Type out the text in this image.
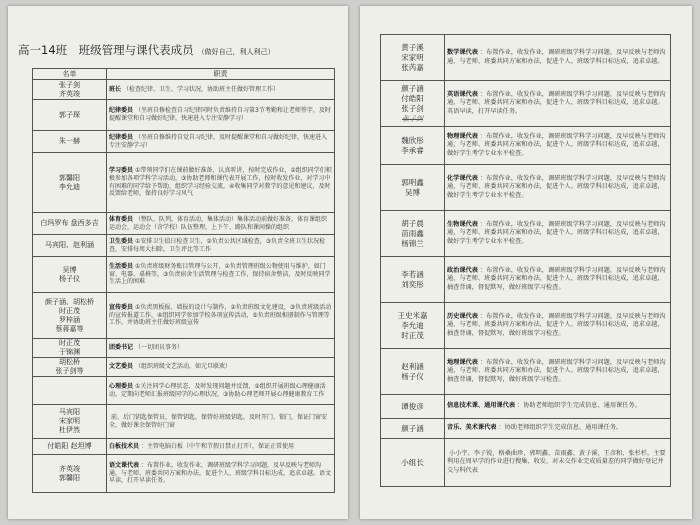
高一14班　班级管理与课代表成员 （做好自己，利人利己）
名单	职责

张子剑
齐英竣	班长 （检查纪律、卫生、学习状况，协助班主任做好管理工作）

郭子琛	纪律委员 （坐班自修检查自习纪律同时负责维持自习第3节考勤和让老师签字，及时提醒课堂和自习做好纪律，快速进入专注安静学习）

朱一赫	纪律委员 （坐班自修维持自觉自习纪律，及时提醒课堂和自习做好纪律，快速进入专注安静学习）

郭馨阳
李允迪	学习委员 ①带领同学们在课前做好准备、认真听讲，按时完成作业，②组织同学们积极参加各项学科学习活动，③协助老师和课代表开展工作，按时收发作业，对学习中有困难的同学给予帮助，组织学习经验交流，④收集同学对教学的意见和建议，及时反馈给老师，保持良好学习风气

白玛罗布 盘西多吉	体育委员 （整队、队列，体育活动，集体活动）集体活动前做好准备，体育课组织运动会，运动会（含学校）队伍整理，上下午、路队和课间操的组织

马宾阳、赵利涵	卫生委员 ①安排卫生值日检查卫生，②负责公共区域检查，③负责全班卫生状况检查，安排每周大扫除，卫生评比等工作

吴博
杨子仪	生活委员 ①负责班级财务账目管理与公开，②负责管理班级公物使用与维护，如门窗、电器、桌椅等，③负责宿舍生活管理与检查工作，保持宿舍整洁，及时反映同学生活上的困难

颜子涵、胡松桥
时正茂
罗梓涵
蔡蒋嘉等	宣传委员 ①负责黑板报、墙报的设计与制作，②负责班级文化建设，③负责班级活动的宣传报道工作，④组织同学参加学校各项宣传活动，⑤负责班级相册制作与管理等工作，并协助班主任做好班级宣传

时正茂
于锦渊	团委书记 （一切团员事务）

胡松桥
张子剑等	文艺委员 （组织班级文艺活动，如元旦联欢）

	心理委员 ①关注同学心理状态，及时发现问题并反馈，②组织开展班级心理健康活动，定期向老师汇报班级同学的心理状况，③协助心理老师开展心理健康教育工作

马宾阳
宋家明
杜伊然	前、后门钥匙保管员，保管钥匙，保管好班级钥匙，及时开门、锁门，保证门窗安全，做好课余保管好门窗

付皓阳 赵坦博	白板技术员 ：主管电脑白板（中午和节假日禁止打开），保证正常使用

齐英竣
郭馨阳	语文课代表 ：布置作业，收发作业，调研班级学科学习问题，及早反映与老师沟通，与老师、班委共同方案和办法，促进个人、班级学科目标达成，追求卓越。语文早读，打开早读任务。
黄子溪
宋家明
张芮嘉	数学课代表 ：布置作业，收发作业，调研班级学科学习问题，及早反映与老师沟通，与老师、班委共同方案和办法，促进个人、班级学科目标达成，追求卓越。

颜子涵
付皓阳
张子剑
张子剑	英语课代表 ：布置作业，收发作业，调研班级学科学习问题，及早反映与老师沟通，与老师、班委共同方案和办法，促进个人、班级学科目标达成，追求卓越。英语早读，打开早读任务。

魏欣彤
李承睿	物理课代表 ：布置作业，收发作业，调研班级学科学习问题，及早反映与老师沟通，与老师、班委共同方案和办法，促进个人、班级学科目标达成，追求卓越，做好学生考学专业水平检查。

郭明鑫
吴博	化学课代表 ：布置作业，收发作业，调研班级学科学习问题，及早反映与老师沟通，与老师、班委共同方案和办法，促进个人、班级学科目标达成，追求卓越，做好学生考学专业水平检查。

胡子晨
苗雨鑫
杨锦兰	生物课代表 ：布置作业，收发作业，调研班级学科学习问题，及早反映与老师沟通，与老师、班委共同方案和办法，促进个人、班级学科目标达成，追求卓越，做好学生考学专业水平检查。

李若涵
刘奕彤	政治课代表 ：布置作业，收发作业，调研班级学科学习问题，及早反映与老师沟通，与老师、班委共同方案和办法，促进个人、班级学科目标达成，追求卓越，抽查背诵，督促默写，做好班级学习检查。

王史米嘉
李允迪
时正茂	历史课代表 ：布置作业，收发作业，调研班级学科学习问题，及早反映与老师沟通，与老师、班委共同方案和办法，促进个人、班级学科目标达成，追求卓越，抽查背诵，督促默写，做好班级学习检查。

赵利涵
杨子仪	地理课代表 ：布置作业，收发作业，调研班级学科学习问题，及早反映与老师沟通，与老师、班委共同方案和办法，促进个人、班级学科目标达成，追求卓越，抽查背诵，督促默写，做好班级学习检查。

谭俊彦	信息技术课、通用课代表 ：协助老师组织学生完成信息、通用课任务。

颜子涵	音乐、美术课代表 ：协助老师组织学生完成信息、通用课任务。

小组长	小小宇、李子锐、格桑曲珍、郭明鑫、苗雨鑫、黄子溪、王彦和、张杉杉。主要利用在周早学的作业进行搜集、收发，对未交作业完成质量差的同学做好登记并交与科代表
